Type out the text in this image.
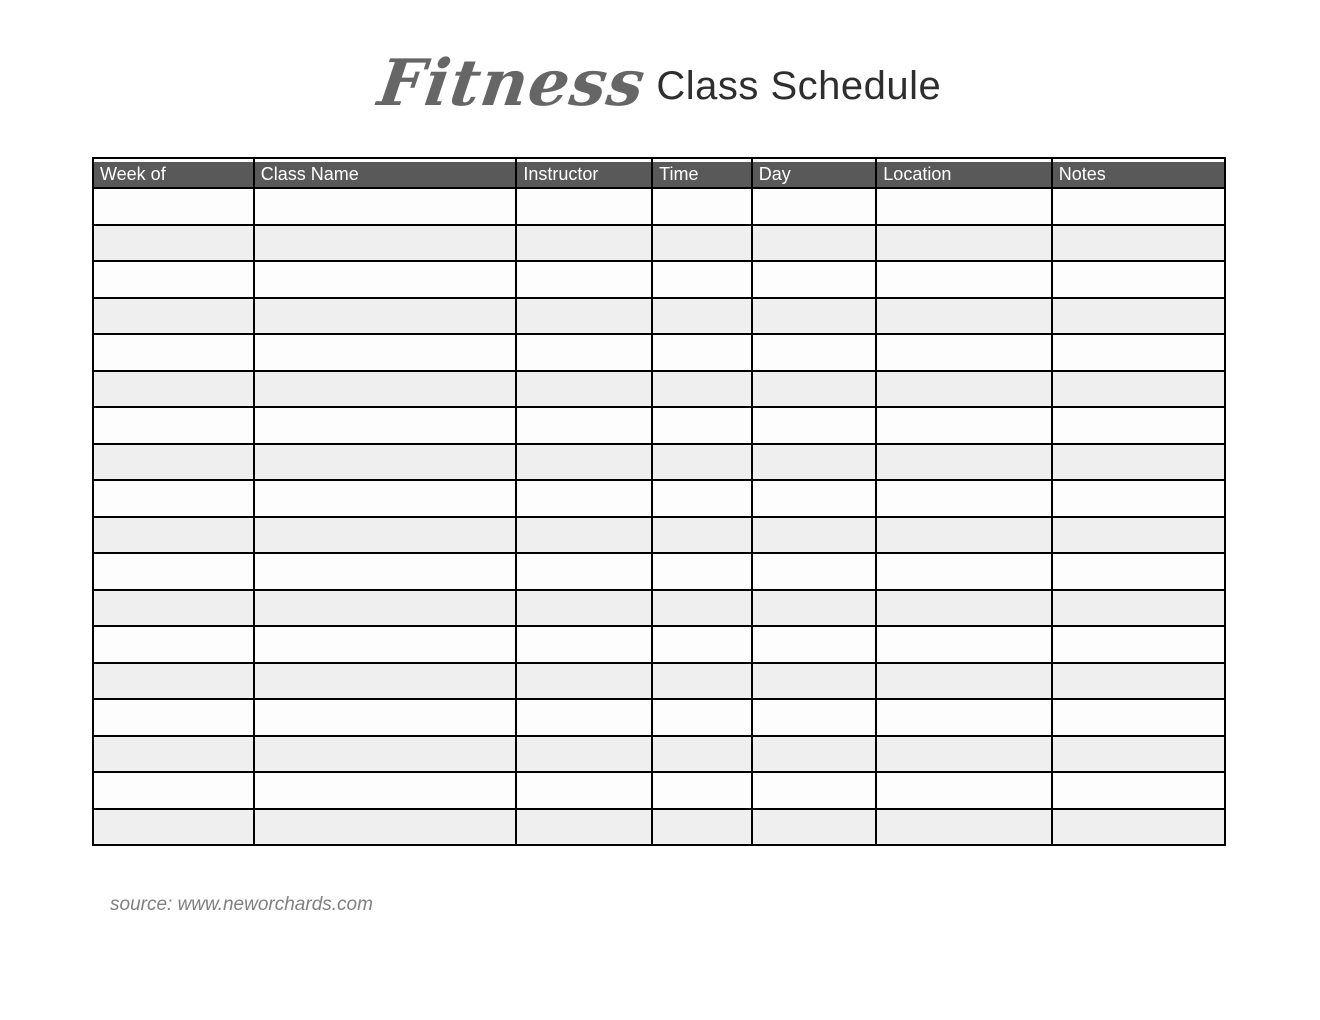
Fitness Class Schedule
Week of	Class Name	Instructor	Time	Day	Location	Notes

source: www.neworchards.com
